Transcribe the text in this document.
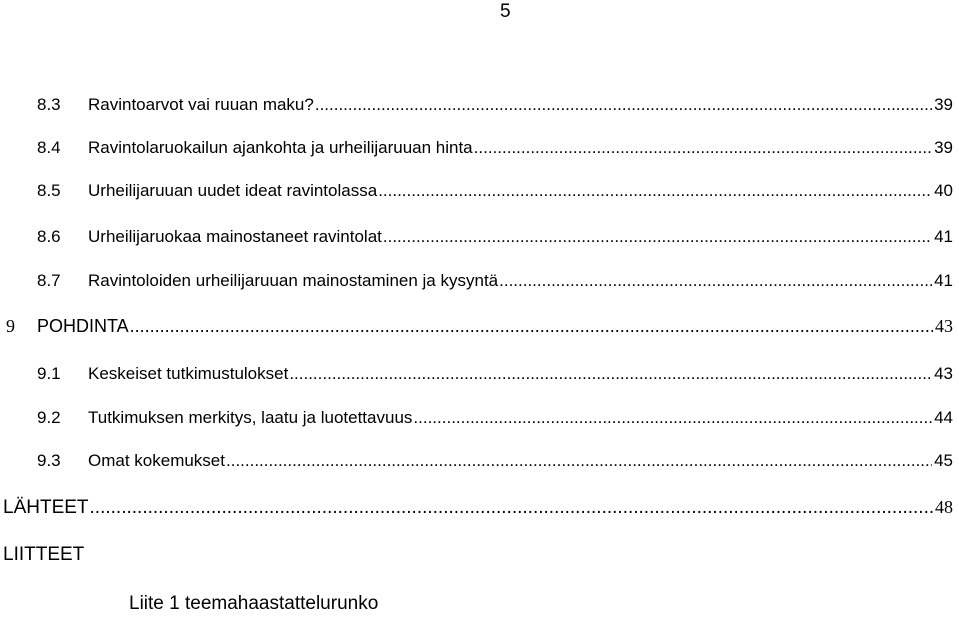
5
8.3 Ravintoarvot vai ruuan maku? .....	39
8.4 Ravintolaruokailun ajankohta ja urheilijaruuan hinta .....	39
8.5 Urheilijaruuan uudet ideat ravintolassa .....	40
8.6 Urheilijaruokaa mainostaneet ravintolat .....	41
8.7 Ravintoloiden urheilijaruuan mainostaminen ja kysyntä .....	41
9 POHDINTA .....	43
9.1 Keskeiset tutkimustulokset .....	43
9.2 Tutkimuksen merkitys, laatu ja luotettavuus .....	44
9.3 Omat kokemukset .....	45
LÄHTEET .....	48
LIITTEET
Liite 1 teemahaastattelurunko
